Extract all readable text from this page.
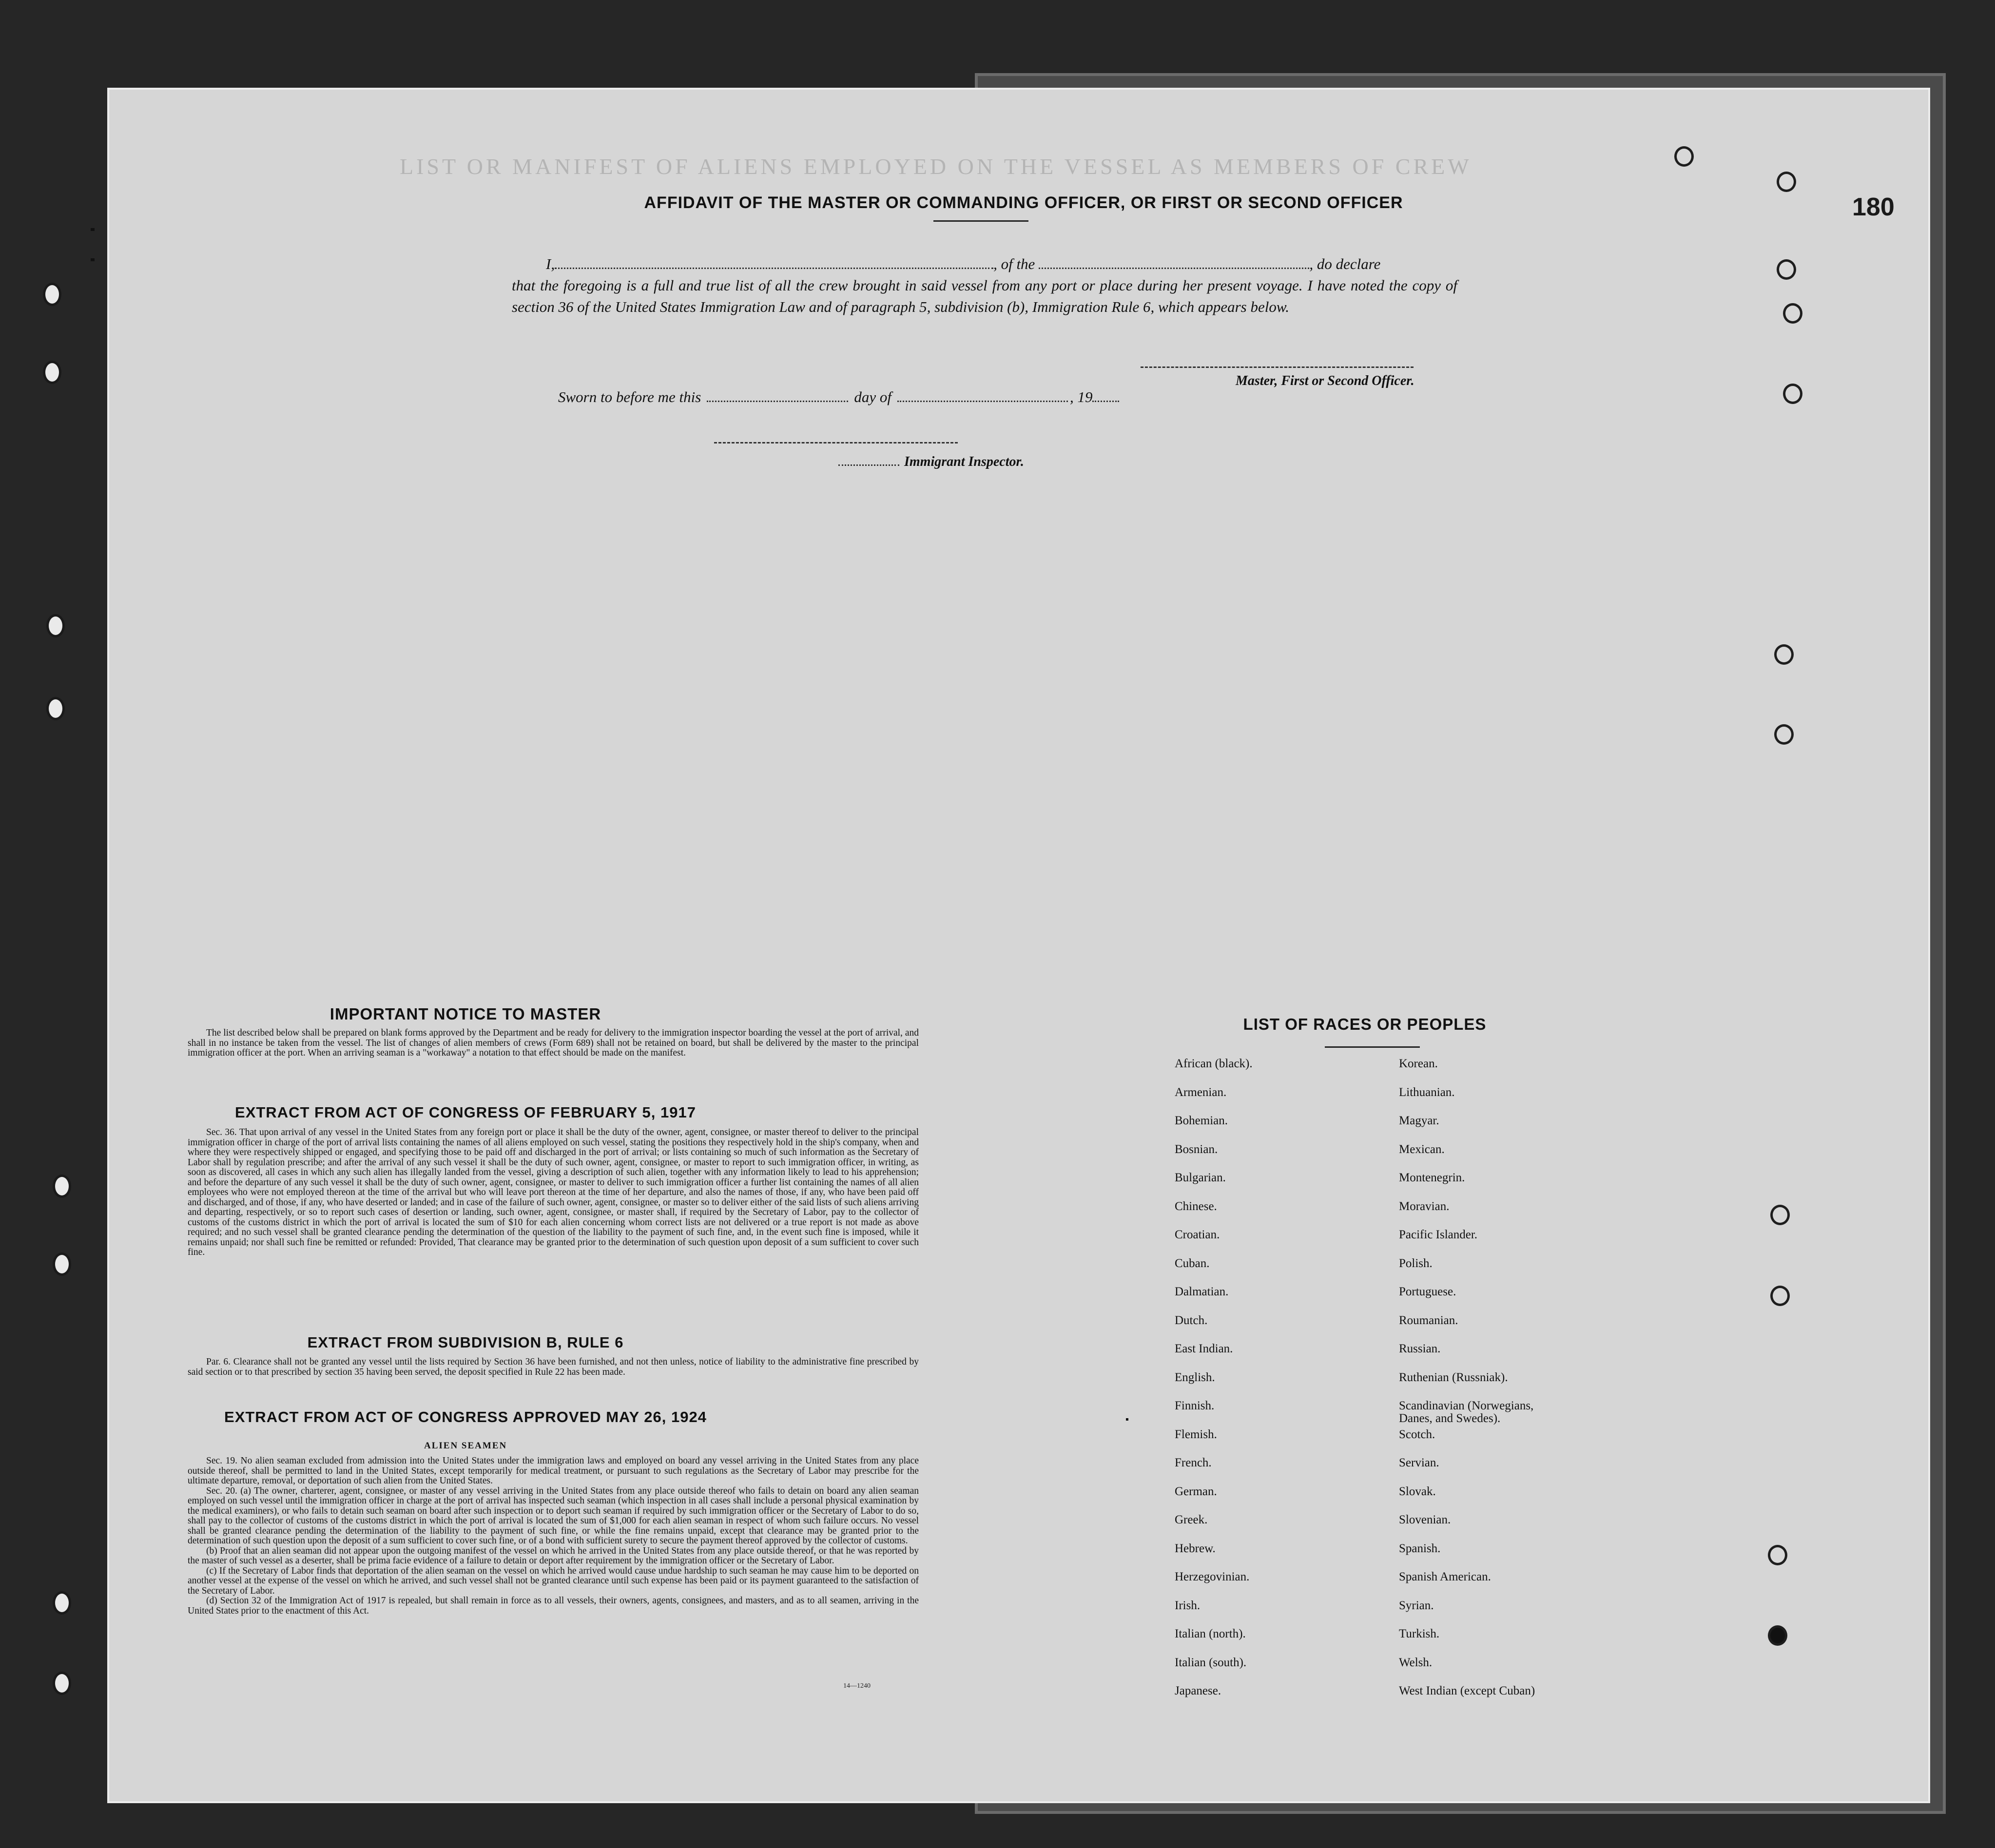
LIST OR MANIFEST OF ALIENS EMPLOYED ON THE VESSEL AS MEMBERS OF CREW
180
AFFIDAVIT OF THE MASTER OR COMMANDING OFFICER, OR FIRST OR SECOND OFFICER
I,	, of the	, do declare
that the foregoing is a full and true list of all the crew brought in said vessel from any port or place during her present voyage. I have noted the copy of section 36 of the United States Immigration Law and of paragraph 5, subdivision (b), Immigration Rule 6, which appears below.
Master, First or Second Officer.
Sworn to before me this	day of	, 19
Immigrant Inspector.
IMPORTANT NOTICE TO MASTER
The list described below shall be prepared on blank forms approved by the Department and be ready for delivery to the immigration inspector boarding the vessel at the port of arrival, and shall in no instance be taken from the vessel. The list of changes of alien members of crews (Form 689) shall not be retained on board, but shall be delivered by the master to the principal immigration officer at the port. When an arriving seaman is a "workaway" a notation to that effect should be made on the manifest.
EXTRACT FROM ACT OF CONGRESS OF FEBRUARY 5, 1917
Sec. 36. That upon arrival of any vessel in the United States from any foreign port or place it shall be the duty of the owner, agent, consignee, or master thereof to deliver to the principal immigration officer in charge of the port of arrival lists containing the names of all aliens employed on such vessel, stating the positions they respectively hold in the ship's company, when and where they were respectively shipped or engaged, and specifying those to be paid off and discharged in the port of arrival; or lists containing so much of such information as the Secretary of Labor shall by regulation prescribe; and after the arrival of any such vessel it shall be the duty of such owner, agent, consignee, or master to report to such immigration officer, in writing, as soon as discovered, all cases in which any such alien has illegally landed from the vessel, giving a description of such alien, together with any information likely to lead to his apprehension; and before the departure of any such vessel it shall be the duty of such owner, agent, consignee, or master to deliver to such immigration officer a further list containing the names of all alien employees who were not employed thereon at the time of the arrival but who will leave port thereon at the time of her departure, and also the names of those, if any, who have been paid off and discharged, and of those, if any, who have deserted or landed; and in case of the failure of such owner, agent, consignee, or master so to deliver either of the said lists of such aliens arriving and departing, respectively, or so to report such cases of desertion or landing, such owner, agent, consignee, or master shall, if required by the Secretary of Labor, pay to the collector of customs of the customs district in which the port of arrival is located the sum of $10 for each alien concerning whom correct lists are not delivered or a true report is not made as above required; and no such vessel shall be granted clearance pending the determination of the question of the liability to the payment of such fine, and, in the event such fine is imposed, while it remains unpaid; nor shall such fine be remitted or refunded: Provided, That clearance may be granted prior to the determination of such question upon deposit of a sum sufficient to cover such fine.
EXTRACT FROM SUBDIVISION B, RULE 6
Par. 6. Clearance shall not be granted any vessel until the lists required by Section 36 have been furnished, and not then unless, notice of liability to the administrative fine prescribed by said section or to that prescribed by section 35 having been served, the deposit specified in Rule 22 has been made.
EXTRACT FROM ACT OF CONGRESS APPROVED MAY 26, 1924
ALIEN SEAMEN
Sec. 19. No alien seaman excluded from admission into the United States under the immigration laws and employed on board any vessel arriving in the United States from any place outside thereof, shall be permitted to land in the United States, except temporarily for medical treatment, or pursuant to such regulations as the Secretary of Labor may prescribe for the ultimate departure, removal, or deportation of such alien from the United States.
Sec. 20. (a) The owner, charterer, agent, consignee, or master of any vessel arriving in the United States from any place outside thereof who fails to detain on board any alien seaman employed on such vessel until the immigration officer in charge at the port of arrival has inspected such seaman (which inspection in all cases shall include a personal physical examination by the medical examiners), or who fails to detain such seaman on board after such inspection or to deport such seaman if required by such immigration officer or the Secretary of Labor to do so, shall pay to the collector of customs of the customs district in which the port of arrival is located the sum of $1,000 for each alien seaman in respect of whom such failure occurs. No vessel shall be granted clearance pending the determination of the liability to the payment of such fine, or while the fine remains unpaid, except that clearance may be granted prior to the determination of such question upon the deposit of a sum sufficient to cover such fine, or of a bond with sufficient surety to secure the payment thereof approved by the collector of customs.
(b) Proof that an alien seaman did not appear upon the outgoing manifest of the vessel on which he arrived in the United States from any place outside thereof, or that he was reported by the master of such vessel as a deserter, shall be prima facie evidence of a failure to detain or deport after requirement by the immigration officer or the Secretary of Labor.
(c) If the Secretary of Labor finds that deportation of the alien seaman on the vessel on which he arrived would cause undue hardship to such seaman he may cause him to be deported on another vessel at the expense of the vessel on which he arrived, and such vessel shall not be granted clearance until such expense has been paid or its payment guaranteed to the satisfaction of the Secretary of Labor.
(d) Section 32 of the Immigration Act of 1917 is repealed, but shall remain in force as to all vessels, their owners, agents, consignees, and masters, and as to all seamen, arriving in the United States prior to the enactment of this Act.
14—1240
LIST OF RACES OR PEOPLES
African (black).
Armenian.
Bohemian.
Bosnian.
Bulgarian.
Chinese.
Croatian.
Cuban.
Dalmatian.
Dutch.
East Indian.
English.
Finnish.
Flemish.
French.
German.
Greek.
Hebrew.
Herzegovinian.
Irish.
Italian (north).
Italian (south).
Japanese.
Korean.
Lithuanian.
Magyar.
Mexican.
Montenegrin.
Moravian.
Pacific Islander.
Polish.
Portuguese.
Roumanian.
Russian.
Ruthenian (Russniak).
Scandinavian (Norwegians,
Danes, and Swedes).
Scotch.
Servian.
Slovak.
Slovenian.
Spanish.
Spanish American.
Syrian.
Turkish.
Welsh.
West Indian (except Cuban)
